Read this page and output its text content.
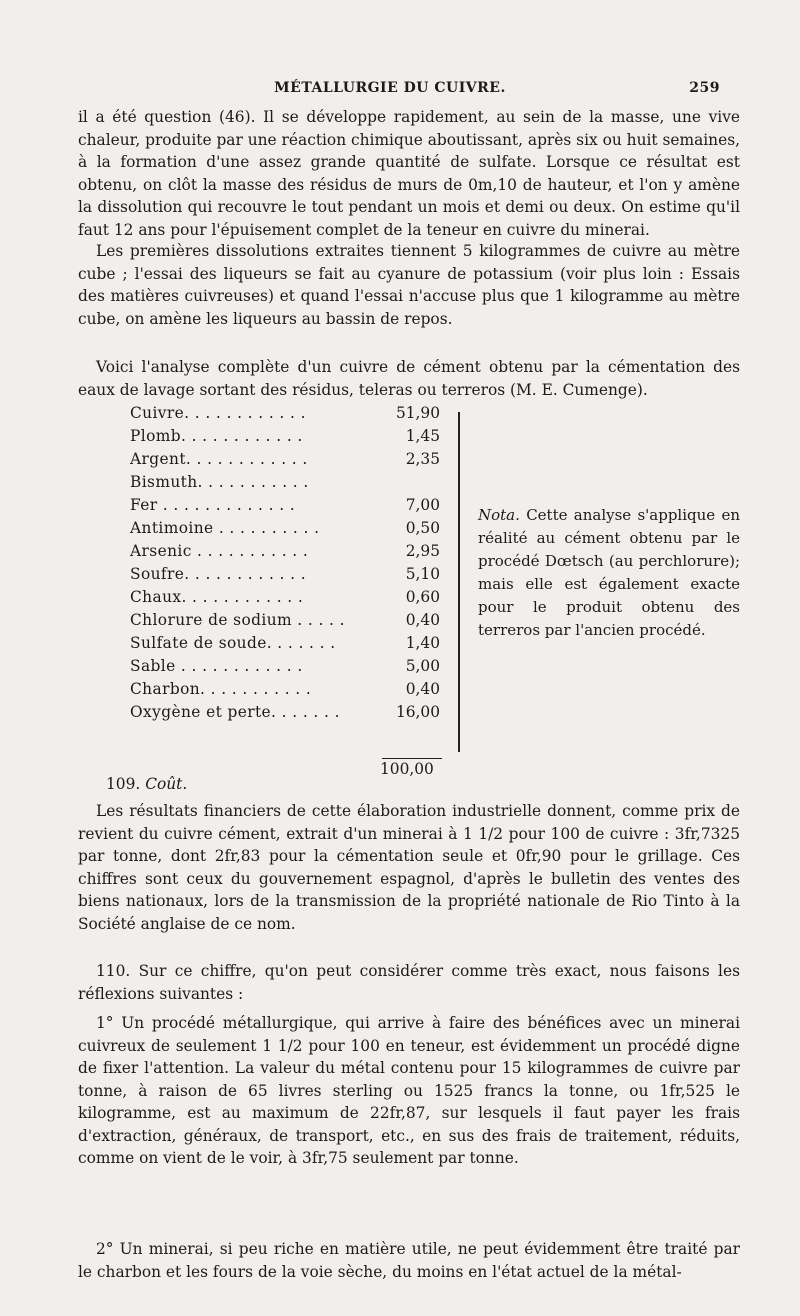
MÉTALLURGIE DU CUIVRE.	259
il a été question (46). Il se développe rapidement, au sein de la masse, une vive chaleur, produite par une réaction chimique aboutissant, après six ou huit semaines, à la formation d'une assez grande quantité de sulfate. Lorsque ce résultat est obtenu, on clôt la masse des résidus de murs de 0m,10 de hauteur, et l'on y amène la dissolution qui recouvre le tout pendant un mois et demi ou deux. On estime qu'il faut 12 ans pour l'épuisement complet de la teneur en cuivre du minerai.
Les premières dissolutions extraites tiennent 5 kilogrammes de cuivre au mètre cube ; l'essai des liqueurs se fait au cyanure de potassium (voir plus loin : Essais des matières cuivreuses) et quand l'essai n'accuse plus que 1 kilogramme au mètre cube, on amène les liqueurs au bassin de repos.
Voici l'analyse complète d'un cuivre de cément obtenu par la cémentation des eaux de lavage sortant des résidus, teleras ou terreros (M. E. Cumenge).
Cuivre. . . . . . . . . . . .	51,90
Plomb. . . . . . . . . . . .	1,45
Argent. . . . . . . . . . . .	2,35
Bismuth. . . . . . . . . . .
Fer . . . . . . . . . . . . .	7,00
Antimoine . . . . . . . . . .	0,50
Arsenic . . . . . . . . . . .	2,95
Soufre. . . . . . . . . . . .	5,10
Chaux. . . . . . . . . . . .	0,60
Chlorure de sodium . . . . .	0,40
Sulfate de soude. . . . . . .	1,40
Sable . . . . . . . . . . . .	5,00
Charbon. . . . . . . . . . .	0,40
Oxygène et perte. . . . . . .	16,00
100,00
Nota. Cette analyse s'applique en réalité au cément obtenu par le procédé Dœtsch (au perchlorure); mais elle est également exacte pour le produit obtenu des terreros par l'ancien procédé.
109. Coût.
Les résultats financiers de cette élaboration industrielle donnent, comme prix de revient du cuivre cément, extrait d'un minerai à 1 1/2 pour 100 de cuivre : 3fr,7325 par tonne, dont 2fr,83 pour la cémentation seule et 0fr,90 pour le grillage. Ces chiffres sont ceux du gouvernement espagnol, d'après le bulletin des ventes des biens nationaux, lors de la transmission de la propriété nationale de Rio Tinto à la Société anglaise de ce nom.
110. Sur ce chiffre, qu'on peut considérer comme très exact, nous faisons les réflexions suivantes :
1° Un procédé métallurgique, qui arrive à faire des bénéfices avec un minerai cuivreux de seulement 1 1/2 pour 100 en teneur, est évidemment un procédé digne de fixer l'attention. La valeur du métal contenu pour 15 kilogrammes de cuivre par tonne, à raison de 65 livres sterling ou 1525 francs la tonne, ou 1fr,525 le kilogramme, est au maximum de 22fr,87, sur lesquels il faut payer les frais d'extraction, généraux, de transport, etc., en sus des frais de traitement, réduits, comme on vient de le voir, à 3fr,75 seulement par tonne.
2° Un minerai, si peu riche en matière utile, ne peut évidemment être traité par le charbon et les fours de la voie sèche, du moins en l'état actuel de la métal-
